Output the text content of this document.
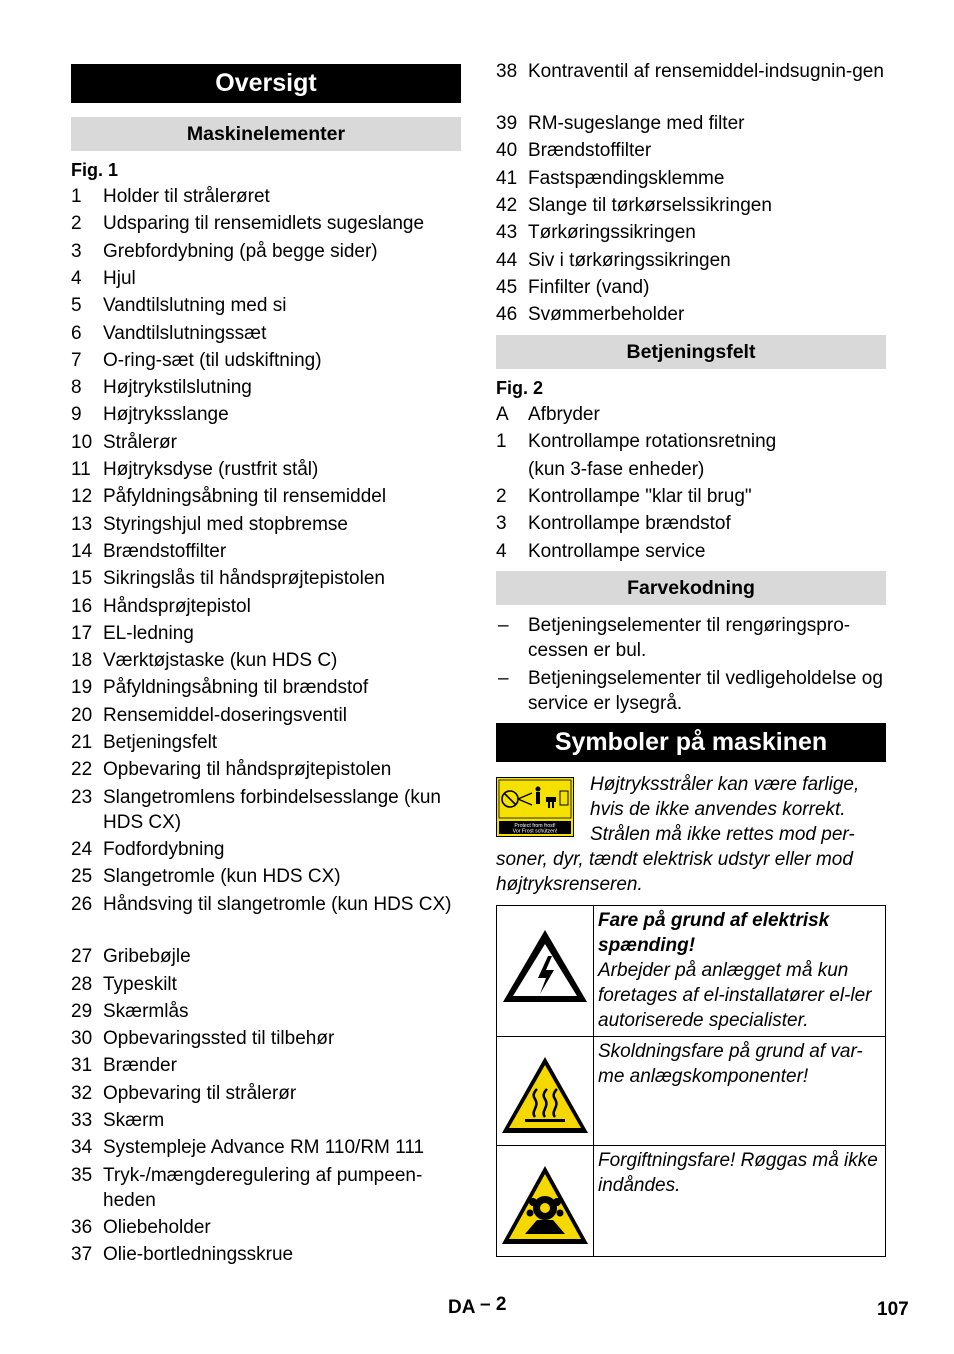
Oversigt
Maskinelementer
Fig. 1
1 Holder til strålerøret
2 Udsparing til rensemidlets sugeslange
3 Grebfordybning (på begge sider)
4 Hjul
5 Vandtilslutning med si
6 Vandtilslutningssæt
7 O-ring-sæt (til udskiftning)
8 Højtrykstilslutning
9 Højtryksslange
10 Strålerør
11 Højtryksdyse (rustfrit stål)
12 Påfyldningsåbning til rensemiddel
13 Styringshjul med stopbremse
14 Brændstoffilter
15 Sikringslås til håndsprøjtepistolen
16 Håndsprøjtepistol
17 EL-ledning
18 Værktøjstaske (kun HDS C)
19 Påfyldningsåbning til brændstof
20 Rensemiddel-doseringsventil
21 Betjeningsfelt
22 Opbevaring til håndsprøjtepistolen
23 Slangetromlens forbindelsesslange (kun HDS CX)
24 Fodfordybning
25 Slangetromle (kun HDS CX)
26 Håndsving til slangetromle (kun HDS CX)
27 Gribebøjle
28 Typeskilt
29 Skærmlås
30 Opbevaringssted til tilbehør
31 Brænder
32 Opbevaring til strålerør
33 Skærm
34 Systempleje Advance RM 110/RM 111
35 Tryk-/mængderegulering af pumpeen-heden
36 Oliebeholder
37 Olie-bortledningsskrue
38 Kontraventil af rensemiddel-indsugnin-gen
39 RM-sugeslange med filter
40 Brændstoffilter
41 Fastspændingsklemme
42 Slange til tørkørselssikringen
43 Tørkøringssikringen
44 Siv i tørkøringssikringen
45 Finfilter (vand)
46 Svømmerbeholder
Betjeningsfelt
Fig. 2
A Afbryder
1 Kontrollampe rotationsretning
(kun 3-fase enheder)
2 Kontrollampe "klar til brug"
3 Kontrollampe brændstof
4 Kontrollampe service
Farvekodning
– Betjeningselementer til rengøringspro-cessen er bul.
– Betjeningselementer til vedligeholdelse og service er lysegrå.
Symboler på maskinen
Protect from frost!
Vor Frost schützen!
Højtryksstråler kan være farlige, hvis de ikke anvendes korrekt. Strålen må ikke rettes mod per-soner, dyr, tændt elektrisk udstyr eller mod højtryksrenseren.
Fare på grund af elektrisk spænding!
Arbejder på anlægget må kun foretages af el-installatører el-ler autoriserede specialister.
Skoldningsfare på grund af var-me anlægskomponenter!
Forgiftningsfare! Røggas må ikke indåndes.
DA – 2	107
